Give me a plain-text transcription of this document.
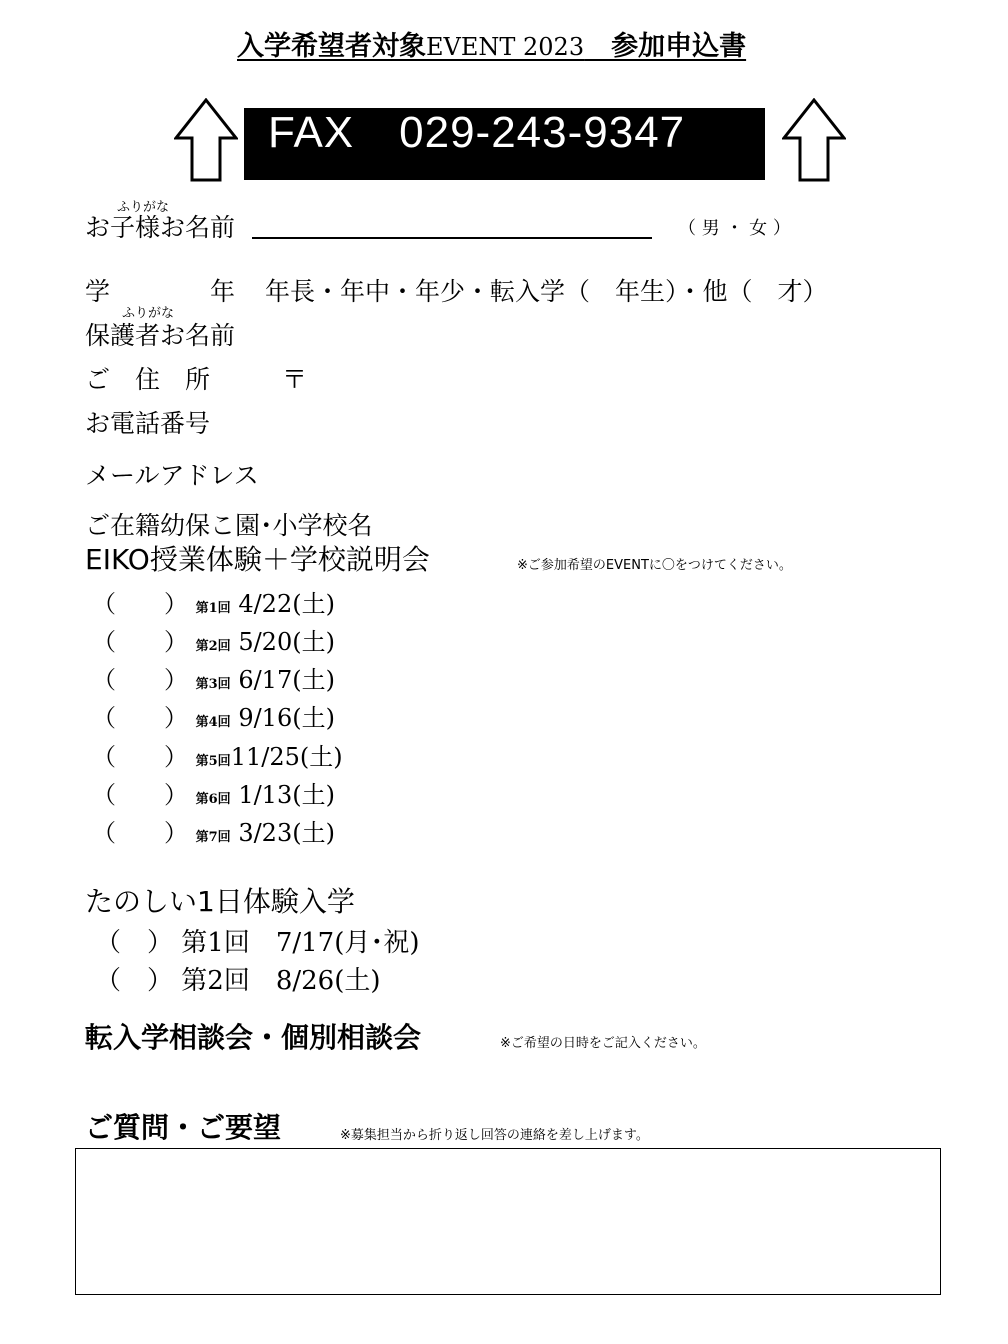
入学希望者対象EVENT 2023　参加申込書
FAX　029-243-9347
ふりがな
お子様お名前	（ 男 ・ 女 ）
学	年 年長・年中・年少・転入学（　年生）・他（　才）
ふりがな
保護者お名前
ご　住　所	〒
お電話番号
メールアドレス
ご在籍幼保こ園･小学校名
EIKO授業体験＋学校説明会	※ご参加希望のEVENTに〇をつけてください。
（　　） 第1回 4/22(土)
（　　） 第2回 5/20(土)
（　　） 第3回 6/17(土)
（　　） 第4回 9/16(土)
（　　） 第5回11/25(土)
（　　） 第6回 1/13(土)
（　　） 第7回 3/23(土)
たのしい1日体験入学
（　） 第1回　7/17(月･祝)
（　） 第2回　8/26(土)
転入学相談会・個別相談会	※ご希望の日時をご記入ください。
ご質問・ご要望	※募集担当から折り返し回答の連絡を差し上げます。
